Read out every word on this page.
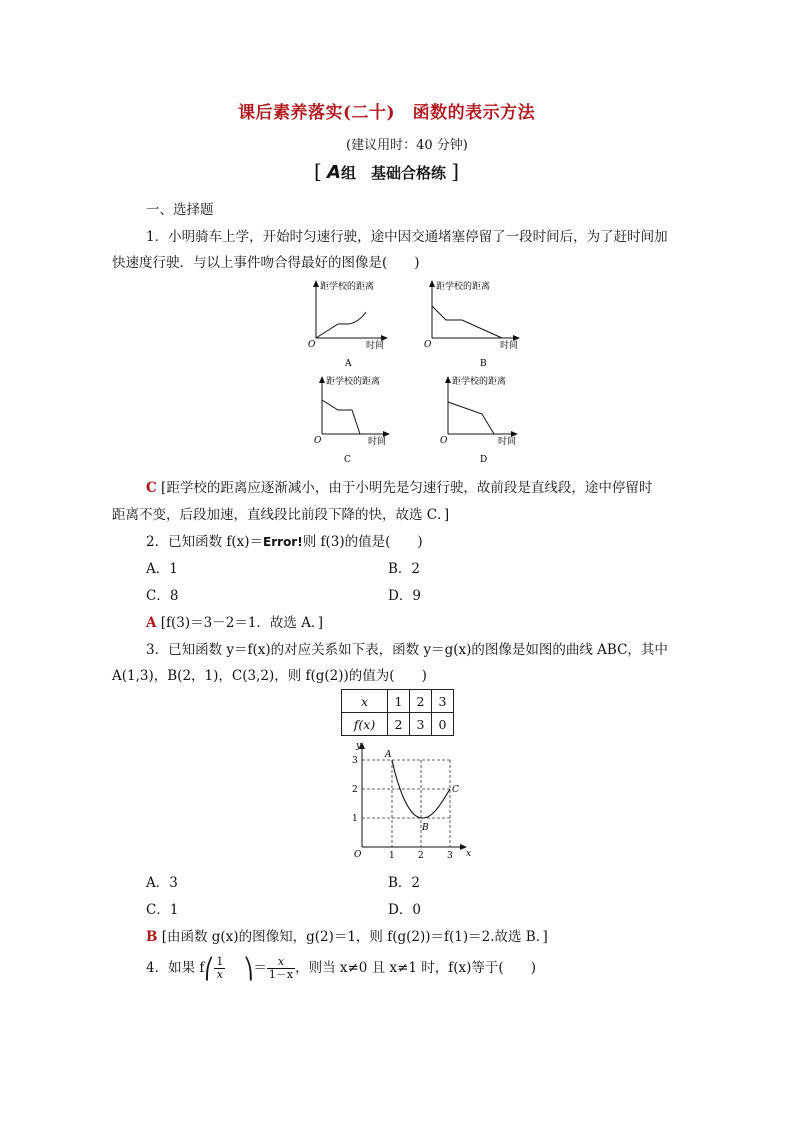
课后素养落实(二十)　函数的表示方法
(建议用时：40 分钟)
[ A组　基础合格练 ]
一、选择题
1．小明骑车上学，开始时匀速行驶，途中因交通堵塞停留了一段时间后，为了赶时间加
快速度行驶．与以上事件吻合得最好的图像是(　　)
距学校的距离
时间
O
A
距学校的距离
时间
O
B
距学校的距离
时间
O
C
距学校的距离
时间
O
D
C [距学校的距离应逐渐减小，由于小明先是匀速行驶，故前段是直线段，途中停留时
距离不变，后段加速，直线段比前段下降的快，故选 C．]
2．已知函数 f(x)＝Error!则 f(3)的值是(　　)
A．1	B．2
C．8	D．9
A [f(3)＝3－2＝1．故选 A．]
3．已知函数 y＝f(x)的对应关系如下表，函数 y＝g(x)的图像是如图的曲线 ABC，其中
A(1,3)，B(2，1)，C(3,2)，则 f(g(2))的值为(　　)
x	1	2	3
f(x)	2	3	0
y
x
O	1	2	3
1
2
3
A
B
C
A．3	B．2
C．1	D．0
B [由函数 g(x)的图像知，g(2)＝1，则 f(g(2))＝f(1)＝2.故选 B．]
4．如果 f⎛ $\frac{1}{x}$ ⎞＝ $\frac{x}{1-x}$ ，则当 x≠0 且 x≠1 时，f(x)等于(　　)
